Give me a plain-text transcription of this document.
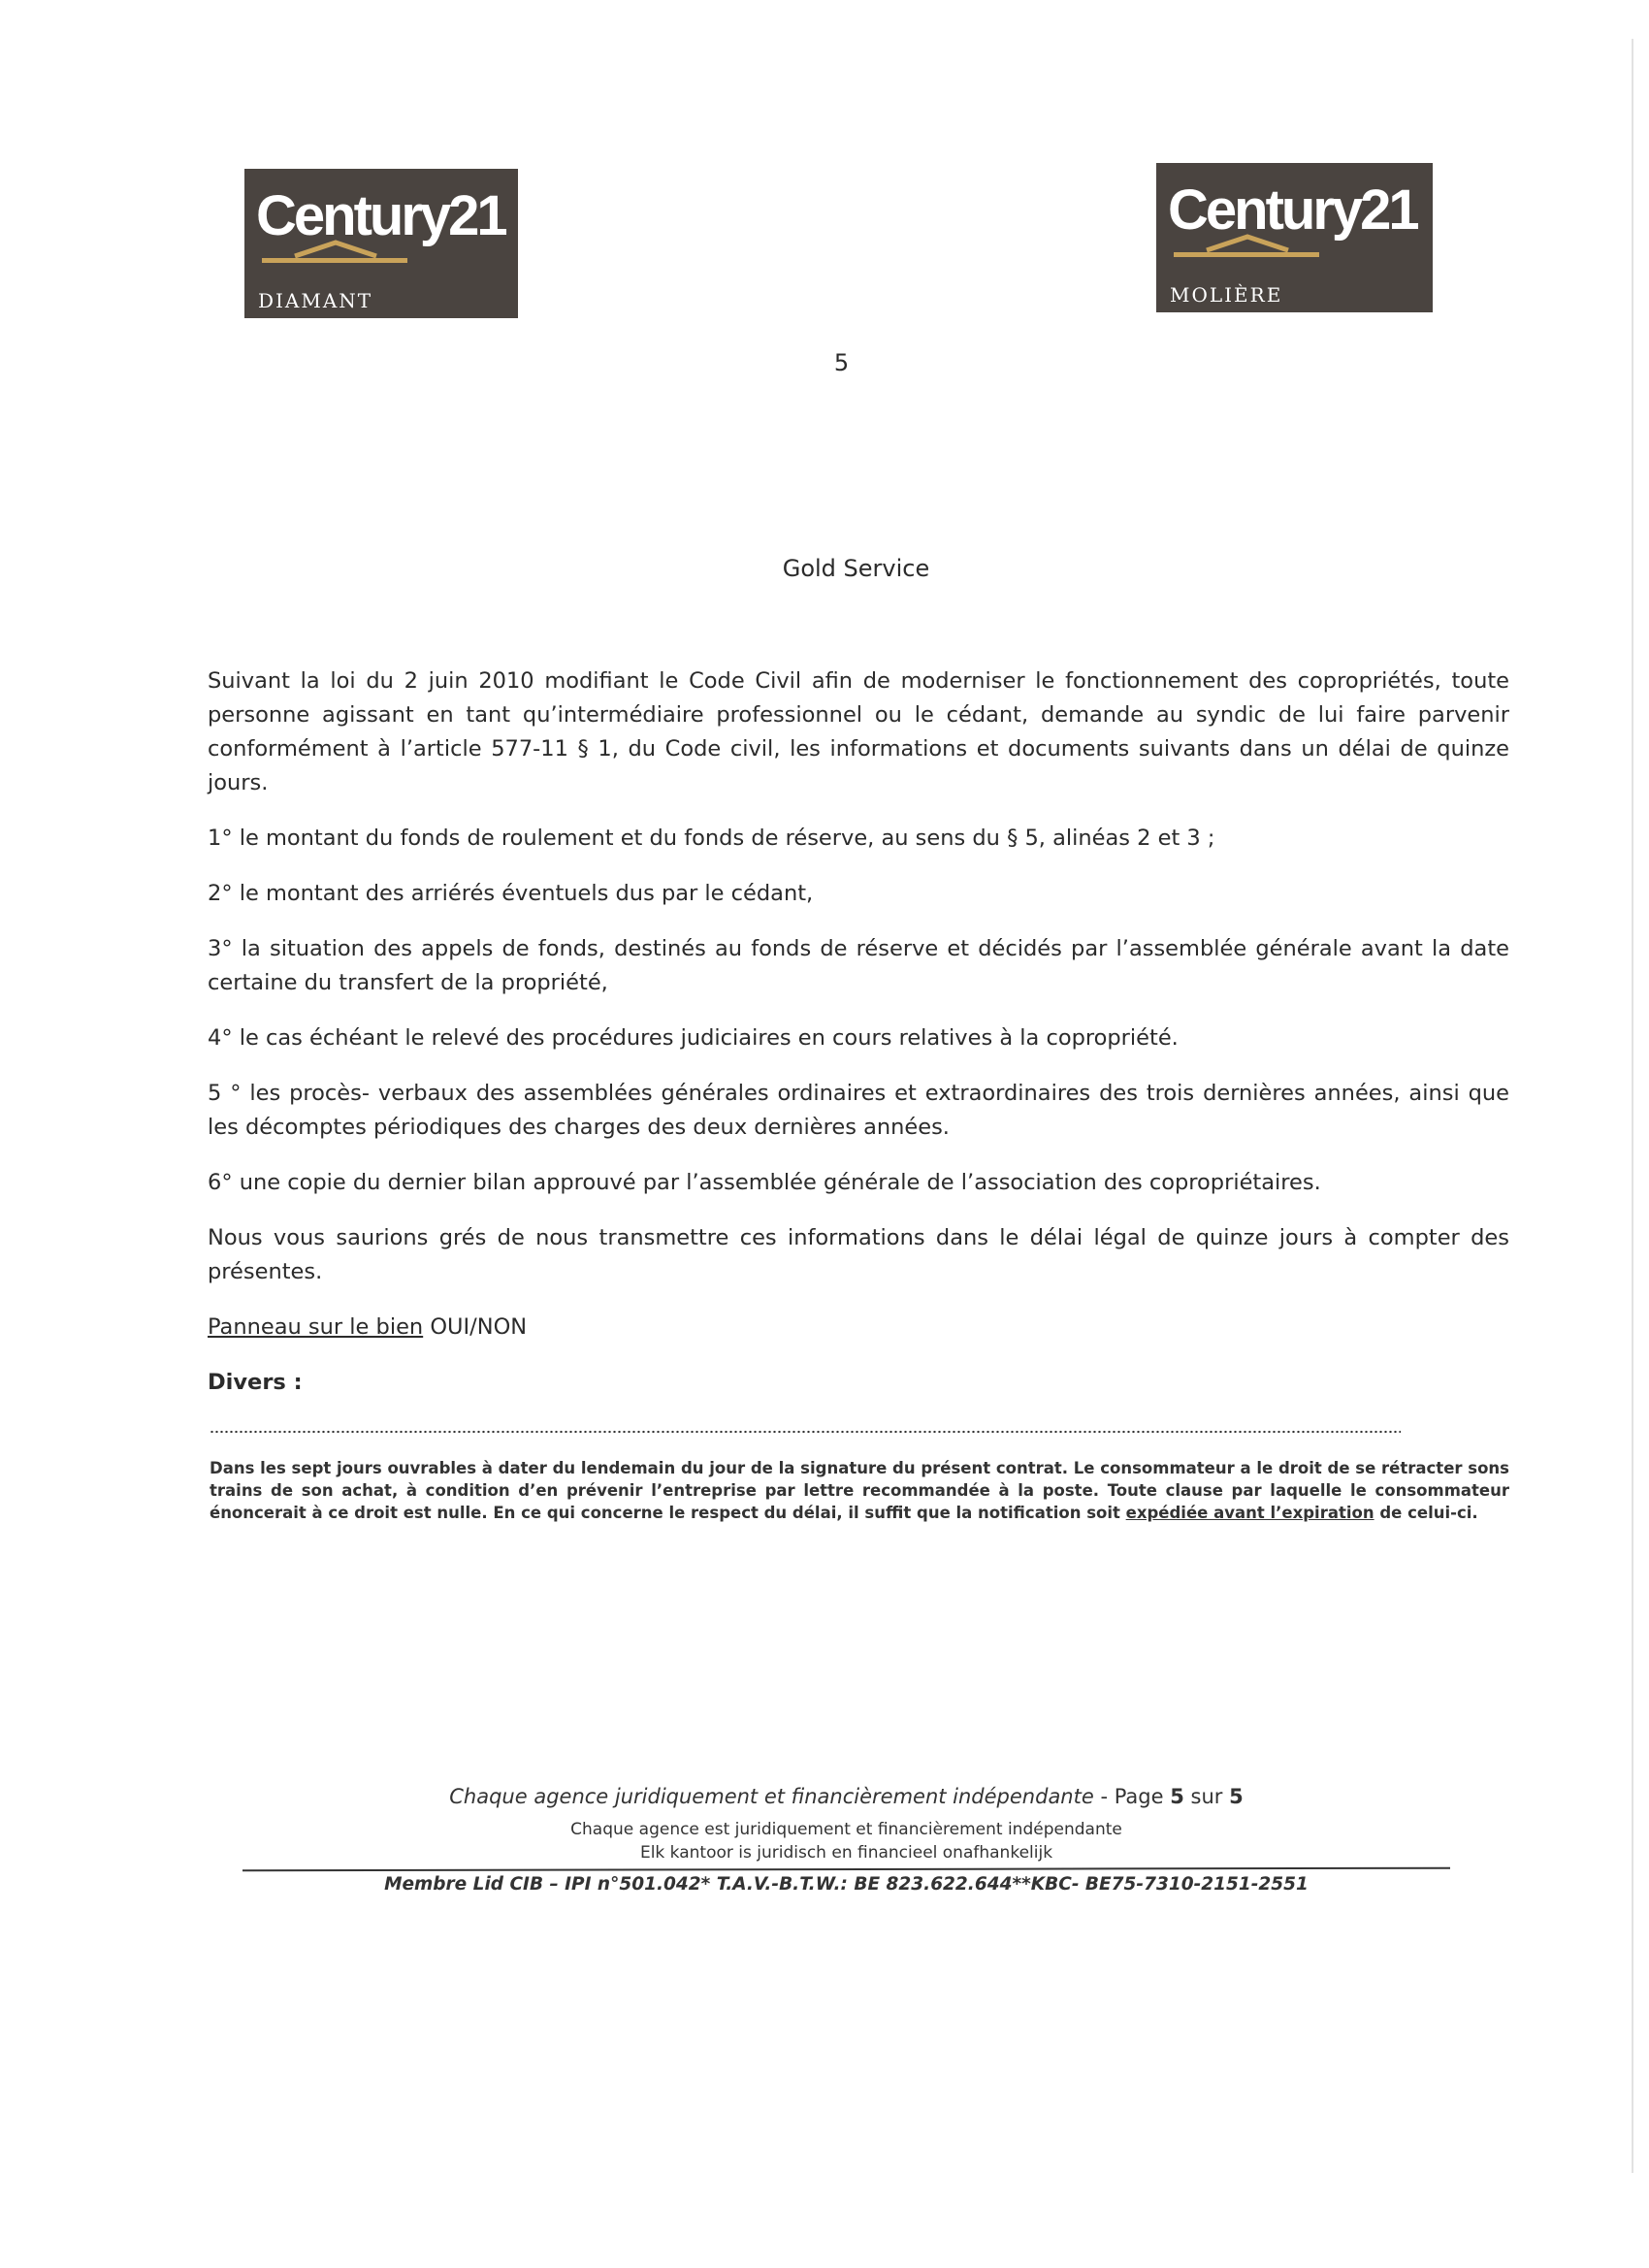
Century21
DIAMANT
Century21
MOLIÈRE
5
Gold Service

Suivant la loi du 2 juin 2010 modifiant le Code Civil afin de moderniser le fonctionnement des copropriétés, toute personne agissant en tant qu’intermédiaire professionnel ou le cédant, demande au syndic de lui faire parvenir conformément à l’article 577-11 § 1, du Code civil, les informations et documents suivants dans un délai de quinze jours.

1° le montant du fonds de roulement et du fonds de réserve, au sens du § 5, alinéas 2 et 3 ;

2° le montant des arriérés éventuels dus par le cédant,

3° la situation des appels de fonds, destinés au fonds de réserve et décidés par l’assemblée générale avant la date certaine du transfert de la propriété,

4° le cas échéant le relevé des procédures judiciaires en cours relatives à la copropriété.

5 ° les procès- verbaux des assemblées générales ordinaires et extraordinaires des trois dernières années, ainsi que les décomptes périodiques des charges des deux dernières années.

6° une copie du dernier bilan approuvé par l’assemblée générale de l’association des copropriétaires.

Nous vous saurions grés de nous transmettre ces informations dans le délai légal de quinze jours à compter des présentes.

Panneau sur le bien OUI/NON

Divers :

Dans les sept jours ouvrables à dater du lendemain du jour de la signature du présent contrat. Le consommateur a le droit de se rétracter sons trains de son achat, à condition d’en prévenir l’entreprise par lettre recommandée à la poste. Toute clause par laquelle le consommateur énoncerait à ce droit est nulle. En ce qui concerne le respect du délai, il suffit que la notification soit expédiée avant l’expiration de celui-ci.
Chaque agence juridiquement et financièrement indépendante - Page 5 sur 5
Chaque agence est juridiquement et financièrement indépendante
Elk kantoor is juridisch en financieel onafhankelijk
Membre Lid CIB – IPI n°501.042* T.A.V.-B.T.W.: BE 823.622.644**KBC- BE75-7310-2151-2551
